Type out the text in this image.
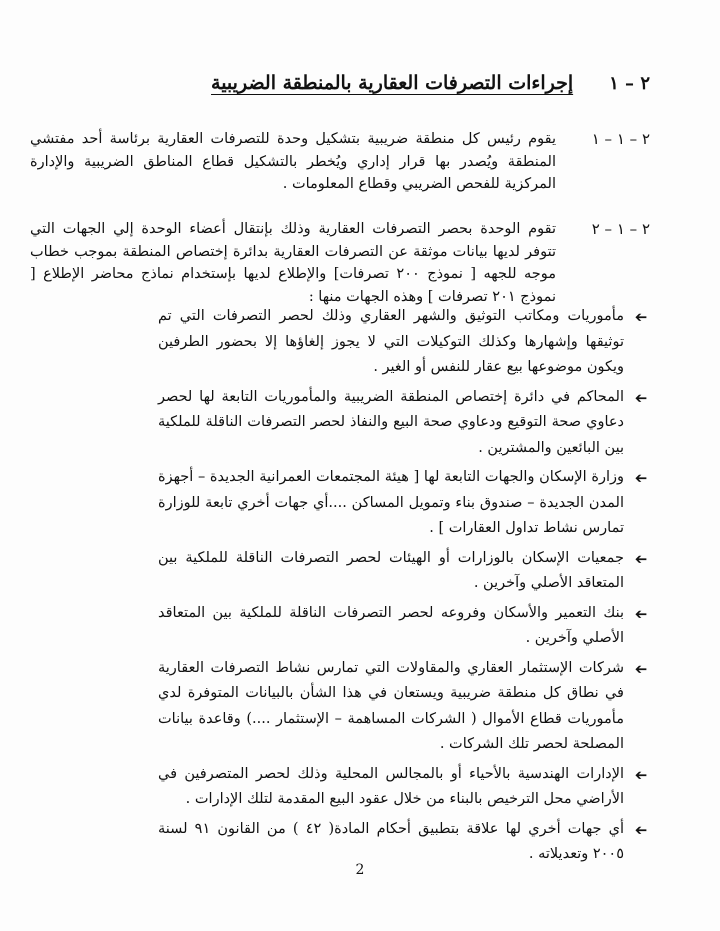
٢ – ١
إجراءات التصرفات العقارية بالمنطقة الضريبية
٢ – ١ – ١
يقوم رئيس كل منطقة ضريبية بتشكيل وحدة للتصرفات العقارية برئاسة أحد مفتشي المنطقة ويُصدر بها قرار إداري ويُخطر بالتشكيل قطاع المناطق الضريبية والإدارة المركزية للفحص الضريبي وقطاع المعلومات .
٢ – ١ – ٢
تقوم الوحدة بحصر التصرفات العقارية وذلك بإنتقال أعضاء الوحدة إلي الجهات التي تتوفر لديها بيانات موثقة عن التصرفات العقارية بدائرة إختصاص المنطقة بموجب خطاب موجه للجهه [ نموذج ٢٠٠ تصرفات] والإطلاع لديها بإستخدام نماذج محاضر الإطلاع [ نموذج ٢٠١ تصرفات ] وهذه الجهات منها :
➔
مأموريات ومكاتب التوثيق والشهر العقاري وذلك لحصر التصرفات التي تم توثيقها وإشهارها وكذلك التوكيلات التي لا يجوز إلغاؤها إلا بحضور الطرفين ويكون موضوعها بيع عقار للنفس أو الغير .
➔
المحاكم في دائرة إختصاص المنطقة الضريبية والمأموريات التابعة لها لحصر دعاوي صحة التوقيع ودعاوي صحة البيع والنفاذ لحصر التصرفات الناقلة للملكية بين البائعين والمشترين .
➔
وزارة الإسكان والجهات التابعة لها [ هيئة المجتمعات العمرانية الجديدة – أجهزة المدن الجديدة – صندوق بناء وتمويل المساكن ....أي جهات أخري تابعة للوزارة تمارس نشاط تداول العقارات ] .
➔
جمعيات الإسكان بالوزارات أو الهيئات لحصر التصرفات الناقلة للملكية بين المتعاقد الأصلي وآخرين .
➔
بنك التعمير والأسكان وفروعه لحصر التصرفات الناقلة للملكية بين المتعاقد الأصلي وآخرين .
➔
شركات الإستثمار العقاري والمقاولات التي تمارس نشاط التصرفات العقارية في نطاق كل منطقة ضريبية ويستعان في هذا الشأن بالبيانات المتوفرة لدي مأموريات قطاع الأموال ( الشركات المساهمة – الإستثمار ....) وقاعدة بيانات المصلحة لحصر تلك الشركات .
➔
الإدارات الهندسية بالأحياء أو بالمجالس المحلية وذلك لحصر المتصرفين في الأراضي محل الترخيص بالبناء من خلال عقود البيع المقدمة لتلك الإدارات .
➔
أي جهات أخري لها علاقة بتطبيق أحكام المادة( ٤٢ ) من القانون ٩١ لسنة ٢٠٠٥ وتعديلاته .
2
